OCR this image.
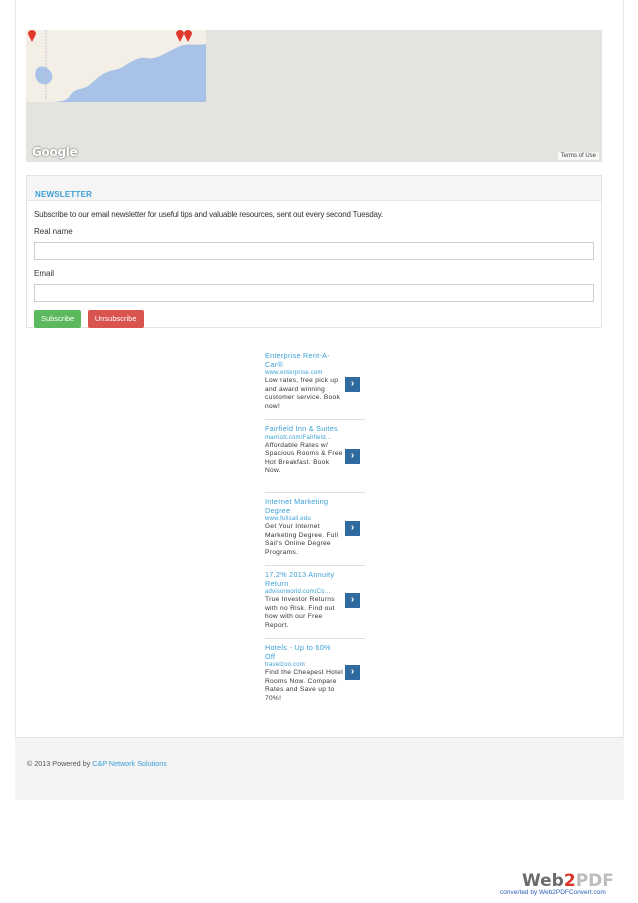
Google	Terms of Use
NEWSLETTER
Subscribe to our email newsletter for useful tips and valuable resources, sent out every second Tuesday.
Real name
Email
Subscribe	Unsubscribe
Enterprise Rent-A-Car®
www.enterprise.com
Low rates, free pick up and award winning customer service. Book now!
›
Fairfield Inn & Suites
marriott.com/Fairfield...
Affordable Rates w/ Spacious Rooms & Free Hot Breakfast. Book Now.
›
Internet Marketing Degree
www.fullsail.edu
Get Your Internet Marketing Degree. Full Sail's Online Degree Programs.
›
17.2% 2013 Annuity Return
advisorworld.com/Co...
True Investor Returns with no Risk. Find out how with our Free Report.
›
Hotels - Up to 60% Off
travelzoo.com
Find the Cheapest Hotel Rooms Now. Compare Rates and Save up to 70%!
›
© 2013 Powered by C&P Network Solutions
Web2PDF
converted by Web2PDFConvert.com
